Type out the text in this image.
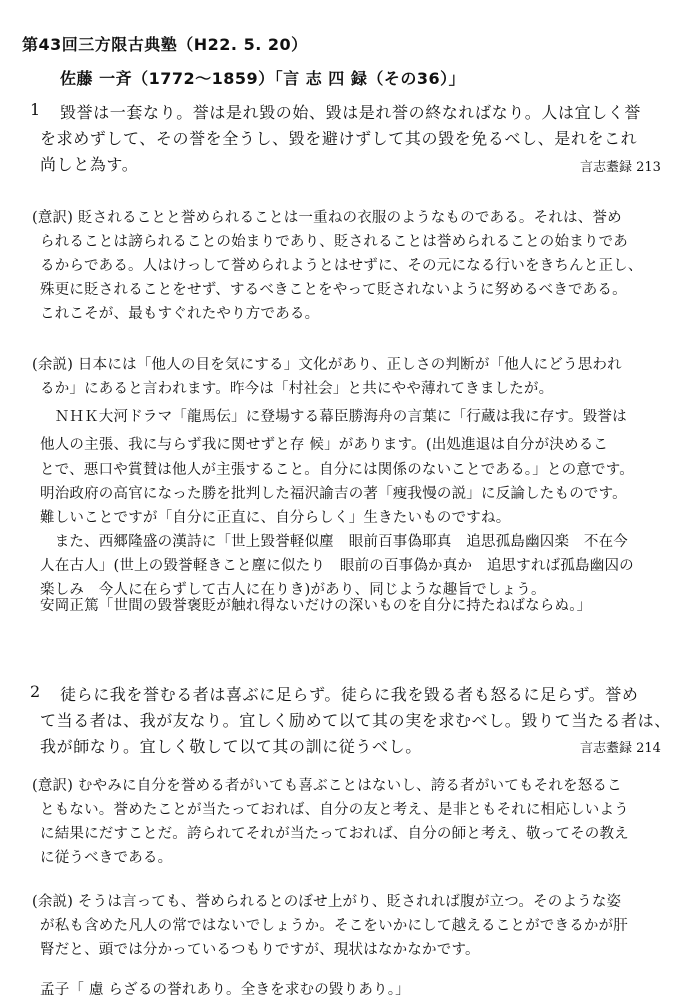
第43回三方限古典塾（H22. 5. 20）
佐藤 一斉（1772〜1859）「言 志 四 録（その36）」
1 毀誉は一套なり。誉は是れ毀の始、毀は是れ誉の終なればなり。人は宜しく誉
を求めずして、その誉を全うし、毀を避けずして其の毀を免るべし、是れをこれ
尚しと為す。	言志耋録 213
(意訳) 貶されることと誉められることは一重ねの衣服のようなものである。それは、誉め
られることは謗られることの始まりであり、貶されることは誉められることの始まりであ
るからである。人はけっして誉められようとはせずに、その元になる行いをきちんと正し、
殊更に貶されることをせず、するべきことをやって貶されないように努めるべきである。
これこそが、最もすぐれたやり方である。
(余説) 日本には「他人の目を気にする」文化があり、正しさの判断が「他人にどう思われ
るか」にあると言われます。昨今は「村社会」と共にやや薄れてきましたが。
　ＮＨＫ大河ドラマ「龍馬伝」に登場する幕臣勝海舟の言葉に「行蔵は我に存す。毀誉は
他人の主張、我に与らず我に関せずと存 候」があります。(出処進退は自分が決めるこ
とで、悪口や賞賛は他人が主張すること。自分には関係のないことである。」との意です。
明治政府の高官になった勝を批判した福沢諭吉の著「痩我慢の説」に反論したものです。
難しいことですが「自分に正直に、自分らしく」生きたいものですね。
　また、西郷隆盛の漢詩に「世上毀誉軽似塵　眼前百事偽耶真　追思孤島幽囚楽　不在今
人在古人」(世上の毀誉軽きこと塵に似たり　眼前の百事偽か真か　追思すれば孤島幽囚の
楽しみ　今人に在らずして古人に在りき)があり、同じような趣旨でしょう。
安岡正篤「世間の毀誉褒貶が触れ得ないだけの深いものを自分に持たねばならぬ。」
2 徒らに我を誉むる者は喜ぶに足らず。徒らに我を毀る者も怒るに足らず。誉め
て当る者は、我が友なり。宜しく励めて以て其の実を求むべし。毀りて当たる者は、
我が師なり。宜しく敬して以て其の訓に従うべし。	言志耋録 214
(意訳) むやみに自分を誉める者がいても喜ぶことはないし、誇る者がいてもそれを怒るこ
ともない。誉めたことが当たっておれば、自分の友と考え、是非ともそれに相応しいよう
に結果にだすことだ。誇られてそれが当たっておれば、自分の師と考え、敬ってその教え
に従うべきである。
(余説) そうは言っても、誉められるとのぼせ上がり、貶されれば腹が立つ。そのような姿
が私も含めた凡人の常ではないでしょうか。そこをいかにして越えることができるかが肝
腎だと、頭では分かっているつもりですが、現状はなかなかです。
孟子「 慮 らざるの誉れあり。全きを求むの毀りあり。」
